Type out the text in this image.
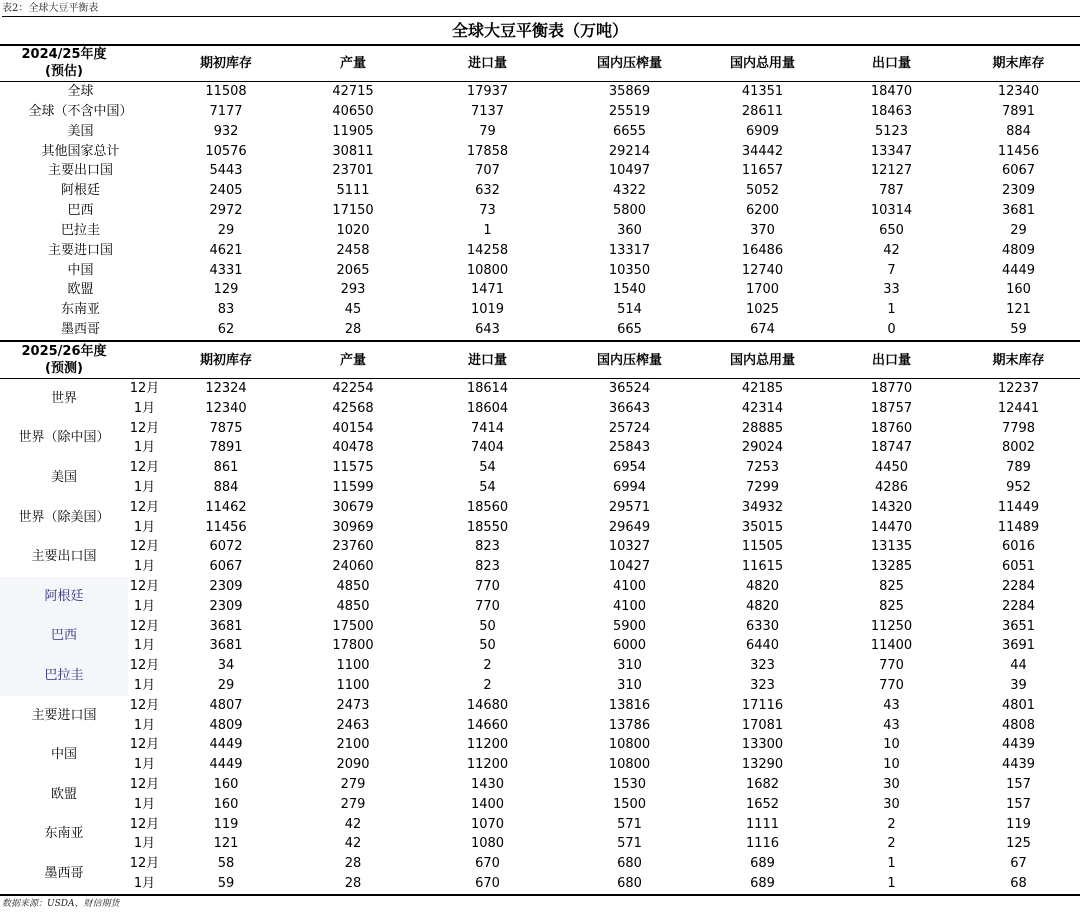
表2：全球大豆平衡表
全球大豆平衡表（万吨）
2024/25年度
(预估)
		期初库存	产量	进口量	国内压榨量	国内总用量	出口量	期末库存
全球	11508	42715	17937	35869	41351	18470	12340
全球（不含中国）	7177	40650	7137	25519	28611	18463	7891
美国	932	11905	79	6655	6909	5123	884
其他国家总计	10576	30811	17858	29214	34442	13347	11456
主要出口国	5443	23701	707	10497	11657	12127	6067
阿根廷	2405	5111	632	4322	5052	787	2309
巴西	2972	17150	73	5800	6200	10314	3681
巴拉圭	29	1020	1	360	370	650	29
主要进口国	4621	2458	14258	13317	16486	42	4809
中国	4331	2065	10800	10350	12740	7	4449
欧盟	129	293	1471	1540	1700	33	160
东南亚	83	45	1019	514	1025	1	121
墨西哥	62	28	643	665	674	0	59
2025/26年度
(预测)
		期初库存	产量	进口量	国内压榨量	国内总用量	出口量	期末库存
世界	12月	12324	42254	18614	36524	42185	18770	12237
	1月	12340	42568	18604	36643	42314	18757	12441
世界（除中国）	12月	7875	40154	7414	25724	28885	18760	7798
	1月	7891	40478	7404	25843	29024	18747	8002
美国	12月	861	11575	54	6954	7253	4450	789
	1月	884	11599	54	6994	7299	4286	952
世界（除美国）	12月	11462	30679	18560	29571	34932	14320	11449
	1月	11456	30969	18550	29649	35015	14470	11489
主要出口国	12月	6072	23760	823	10327	11505	13135	6016
	1月	6067	24060	823	10427	11615	13285	6051
阿根廷	12月	2309	4850	770	4100	4820	825	2284
	1月	2309	4850	770	4100	4820	825	2284
巴西	12月	3681	17500	50	5900	6330	11250	3651
	1月	3681	17800	50	6000	6440	11400	3691
巴拉圭	12月	34	1100	2	310	323	770	44
	1月	29	1100	2	310	323	770	39
主要进口国	12月	4807	2473	14680	13816	17116	43	4801
	1月	4809	2463	14660	13786	17081	43	4808
中国	12月	4449	2100	11200	10800	13300	10	4439
	1月	4449	2090	11200	10800	13290	10	4439
欧盟	12月	160	279	1430	1530	1682	30	157
	1月	160	279	1400	1500	1652	30	157
东南亚	12月	119	42	1070	571	1111	2	119
	1月	121	42	1080	571	1116	2	125
墨西哥	12月	58	28	670	680	689	1	67
	1月	59	28	670	680	689	1	68
数据来源：USDA、财信期货
